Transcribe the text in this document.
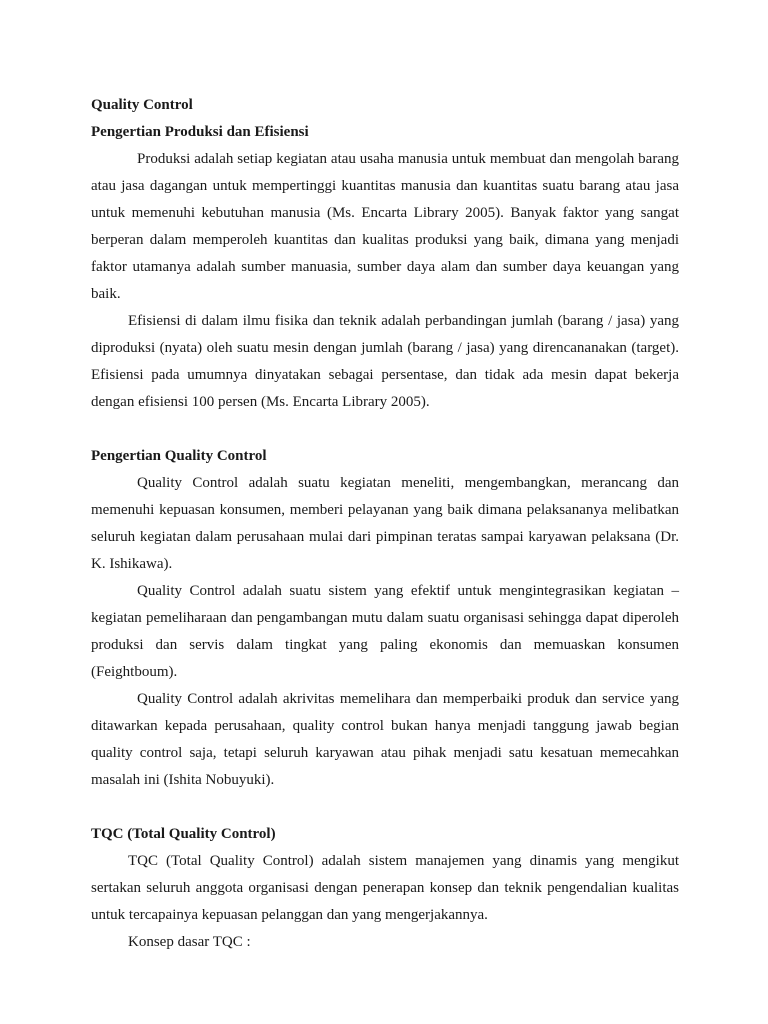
Quality Control

Pengertian Produksi dan Efisiensi

Produksi adalah setiap kegiatan atau usaha manusia untuk membuat dan mengolah barang atau jasa dagangan untuk mempertinggi kuantitas manusia dan kuantitas suatu barang atau jasa untuk memenuhi kebutuhan manusia (Ms. Encarta Library 2005). Banyak faktor yang sangat berperan dalam memperoleh kuantitas dan kualitas produksi yang baik, dimana yang menjadi faktor utamanya adalah sumber manuasia, sumber daya alam dan sumber daya keuangan yang baik.

Efisiensi di dalam ilmu fisika dan teknik adalah perbandingan jumlah (barang / jasa) yang diproduksi (nyata) oleh suatu mesin dengan jumlah (barang / jasa) yang direncananakan (target). Efisiensi pada umumnya dinyatakan sebagai persentase, dan tidak ada mesin dapat bekerja dengan efisiensi 100 persen (Ms. Encarta Library 2005).

Pengertian Quality Control

Quality Control adalah suatu kegiatan meneliti, mengembangkan, merancang dan memenuhi kepuasan konsumen, memberi pelayanan yang baik dimana pelaksananya melibatkan seluruh kegiatan dalam perusahaan mulai dari pimpinan teratas sampai karyawan pelaksana (Dr. K. Ishikawa).

Quality Control adalah suatu sistem yang efektif untuk mengintegrasikan kegiatan – kegiatan pemeliharaan dan pengambangan mutu dalam suatu organisasi sehingga dapat diperoleh produksi dan servis dalam tingkat yang paling ekonomis dan memuaskan konsumen (Feightboum).

Quality Control adalah akrivitas memelihara dan memperbaiki produk dan service yang ditawarkan kepada perusahaan, quality control bukan hanya menjadi tanggung jawab begian quality control saja, tetapi seluruh karyawan atau pihak menjadi satu kesatuan memecahkan masalah ini (Ishita Nobuyuki).

TQC (Total Quality Control)

TQC (Total Quality Control) adalah sistem manajemen yang dinamis yang mengikut sertakan seluruh anggota organisasi dengan penerapan konsep dan teknik pengendalian kualitas untuk tercapainya kepuasan pelanggan dan yang mengerjakannya.

Konsep dasar TQC :
